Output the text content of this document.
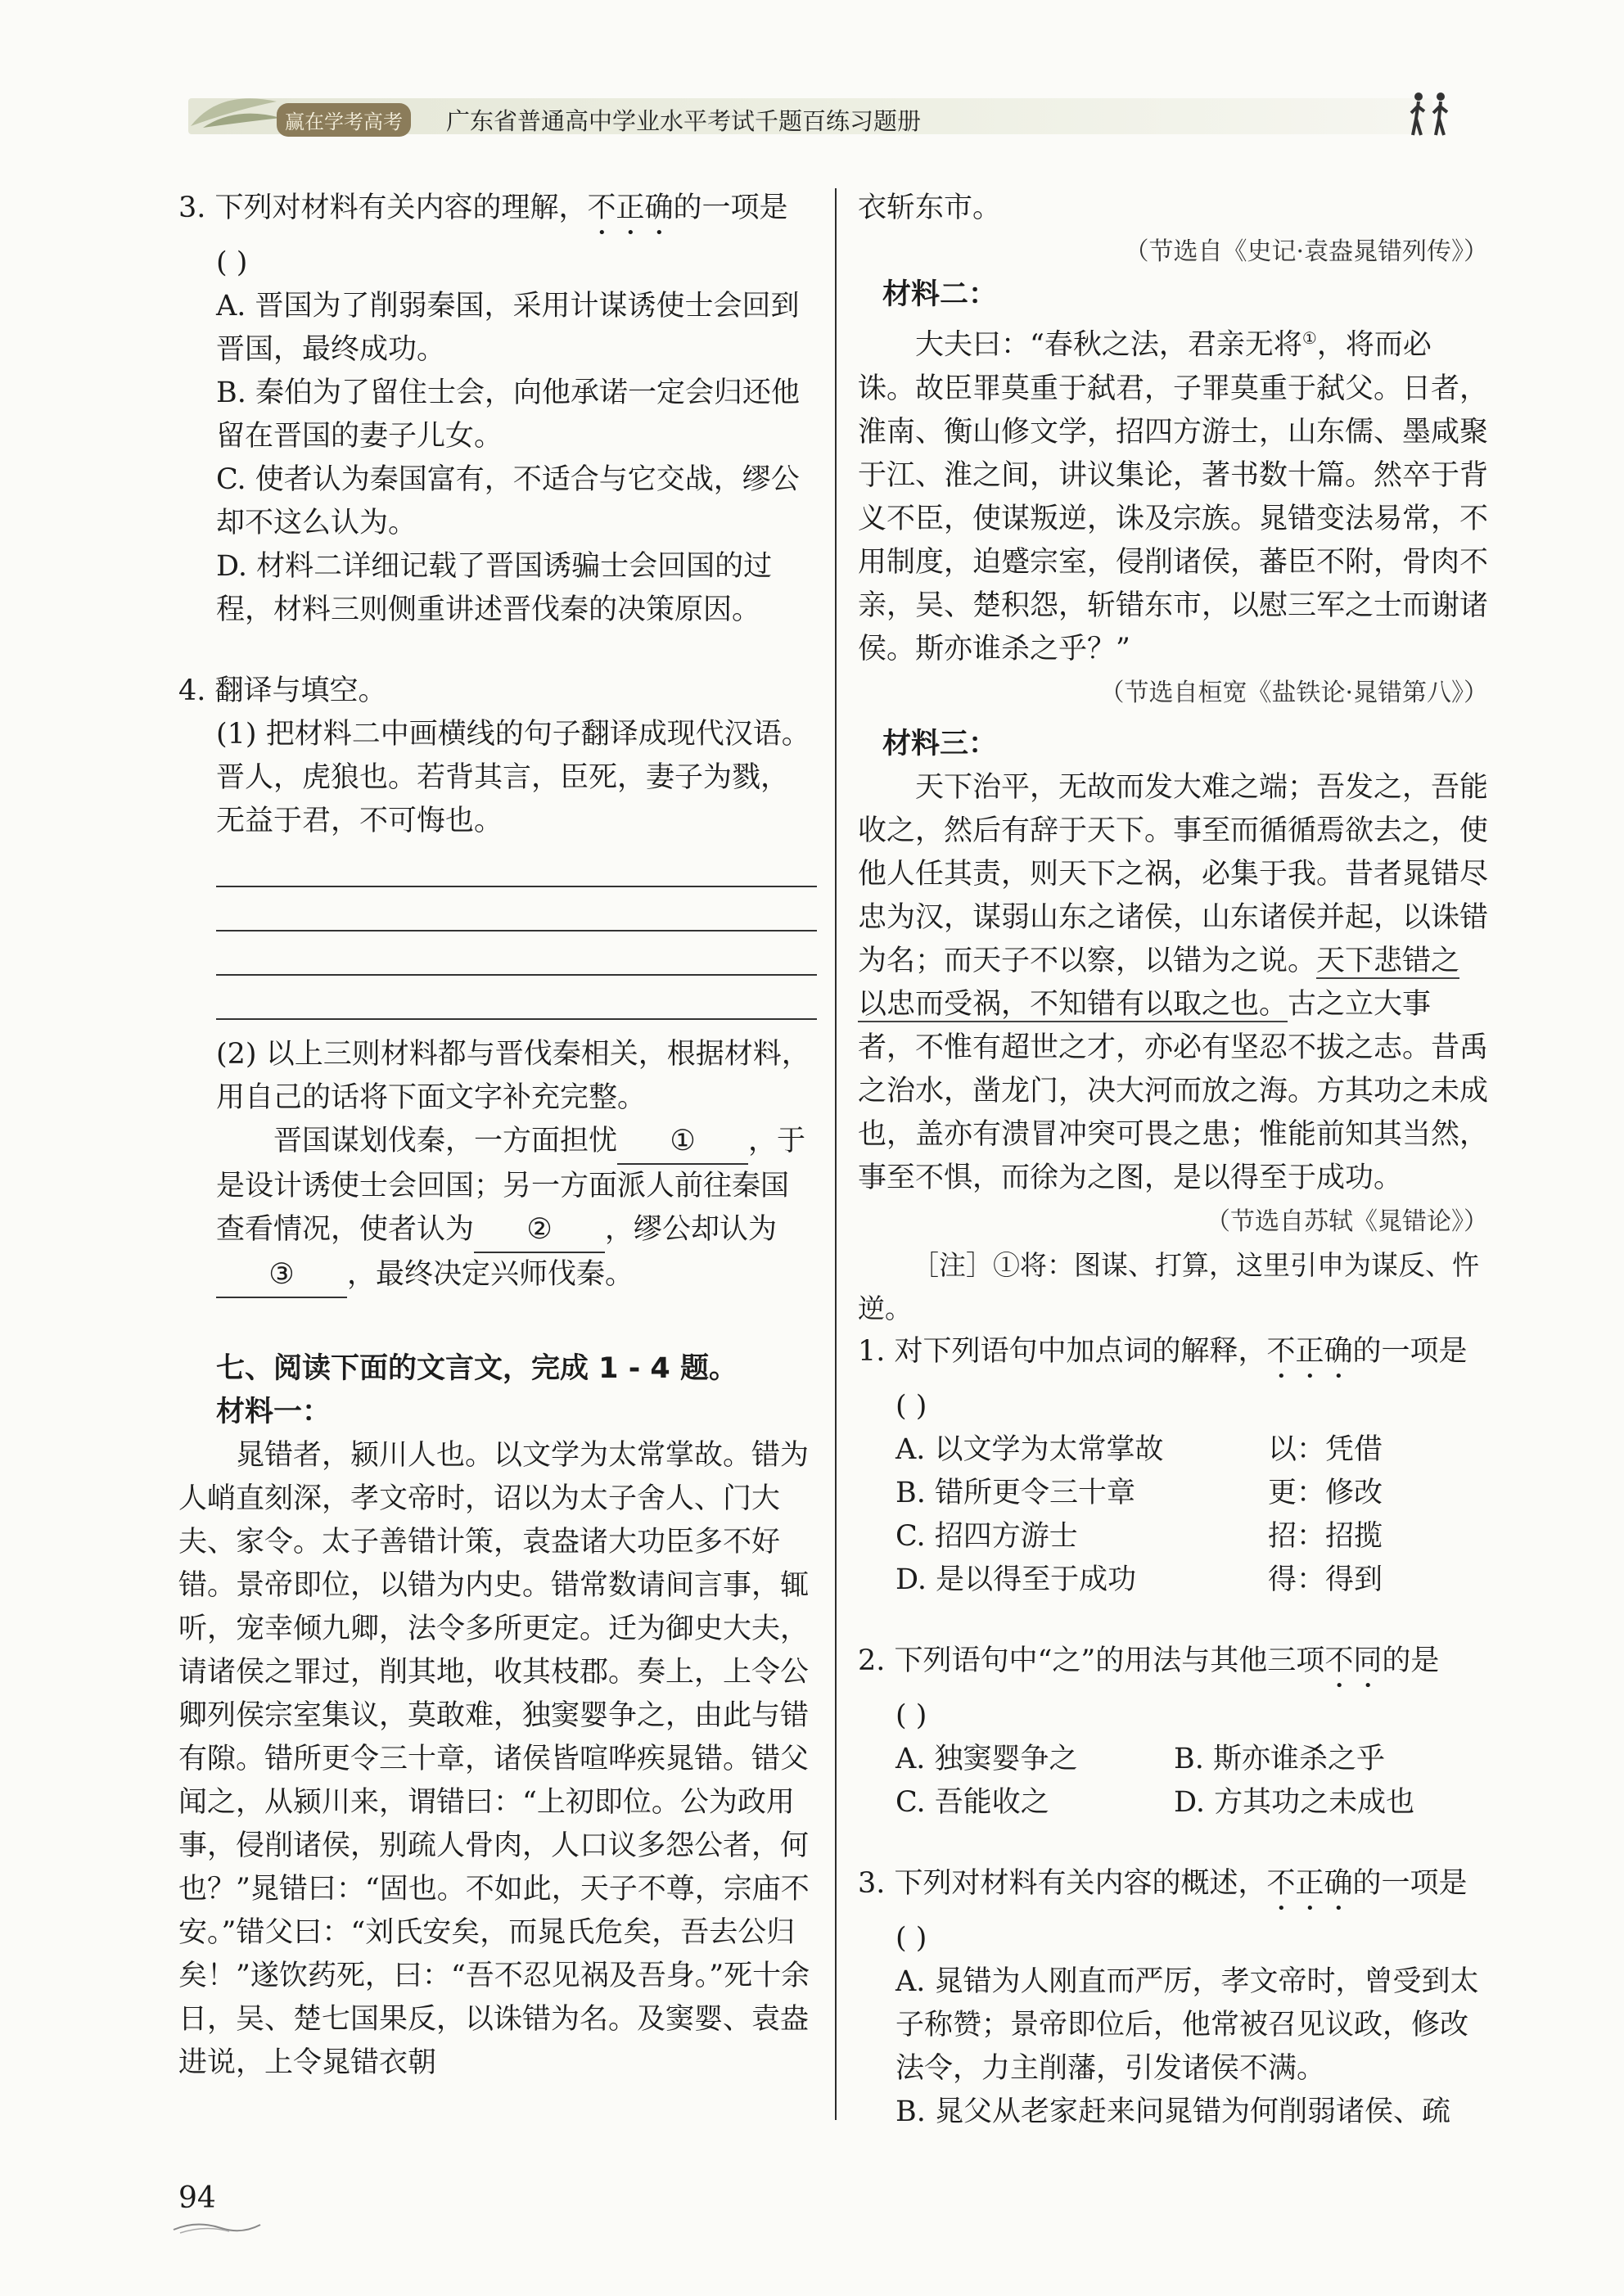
赢在学考高考	广东省普通高中学业水平考试千题百练习题册

3. 下列对材料有关内容的理解，不正确的一项是

( )

A. 晋国为了削弱秦国，采用计谋诱使士会回到晋国，最终成功。

B. 秦伯为了留住士会，向他承诺一定会归还他留在晋国的妻子儿女。

C. 使者认为秦国富有，不适合与它交战，缪公却不这么认为。

D. 材料二详细记载了晋国诱骗士会回国的过程，材料三则侧重讲述晋伐秦的决策原因。

4. 翻译与填空。

(1) 把材料二中画横线的句子翻译成现代汉语。

晋人，虎狼也。若背其言，臣死，妻子为戮，

无益于君，不可悔也。

(2) 以上三则材料都与晋伐秦相关，根据材料，用自己的话将下面文字补充完整。

晋国谋划伐秦，一方面担忧 ① ，于是设计诱使士会回国；另一方面派人前往秦国查看情况，使者认为 ② ，缪公却认为③ ，最终决定兴师伐秦。

七、阅读下面的文言文，完成 1 - 4 题。

材料一：

晁错者，颍川人也。以文学为太常掌故。错为人峭直刻深，孝文帝时，诏以为太子舍人、门大夫、家令。太子善错计策，袁盎诸大功臣多不好错。景帝即位，以错为内史。错常数请间言事，辄听，宠幸倾九卿，法令多所更定。迁为御史大夫，请诸侯之罪过，削其地，收其枝郡。奏上，上令公卿列侯宗室集议，莫敢难，独窦婴争之，由此与错有隙。错所更令三十章，诸侯皆喧哗疾晁错。错父闻之，从颍川来，谓错曰：“上初即位。公为政用事，侵削诸侯，别疏人骨肉，人口议多怨公者，何也？”晁错曰：“固也。不如此，天子不尊，宗庙不安。”错父曰：“刘氏安矣，而晁氏危矣，吾去公归矣！”遂饮药死，曰：“吾不忍见祸及吾身。”死十余日，吴、楚七国果反，以诛错为名。及窦婴、袁盎进说，上令晁错衣朝

衣斩东市。

（节选自《史记·袁盎晁错列传》）

材料二：

大夫曰：“春秋之法，君亲无将①，将而必诛。故臣罪莫重于弑君，子罪莫重于弑父。日者，淮南、衡山修文学，招四方游士，山东儒、墨咸聚于江、淮之间，讲议集论，著书数十篇。然卒于背义不臣，使谋叛逆，诛及宗族。晁错变法易常，不用制度，迫蹙宗室，侵削诸侯，蕃臣不附，骨肉不亲，吴、楚积怨，斩错东市，以慰三军之士而谢诸侯。斯亦谁杀之乎？”

（节选自桓宽《盐铁论·晁错第八》）

材料三：

天下治平，无故而发大难之端；吾发之，吾能收之，然后有辞于天下。事至而循循焉欲去之，使他人任其责，则天下之祸，必集于我。昔者晁错尽忠为汉，谋弱山东之诸侯，山东诸侯并起，以诛错为名；而天子不以察，以错为之说。天下悲错之以忠而受祸，不知错有以取之也。古之立大事者，不惟有超世之才，亦必有坚忍不拔之志。昔禹之治水，凿龙门，决大河而放之海。方其功之未成也，盖亦有溃冒冲突可畏之患；惟能前知其当然，事至不惧，而徐为之图，是以得至于成功。

（节选自苏轼《晁错论》）

［注］①将：图谋、打算，这里引申为谋反、忤逆。

1. 对下列语句中加点词的解释，不正确的一项是

( )

A. 以文学为太常掌故	以：凭借
B. 错所更令三十章	更：修改
C. 招四方游士	招：招揽
D. 是以得至于成功	得：得到

2. 下列语句中“之”的用法与其他三项不同的是

( )

A. 独窦婴争之	B. 斯亦谁杀之乎
C. 吾能收之	D. 方其功之未成也

3. 下列对材料有关内容的概述，不正确的一项是

( )

A. 晁错为人刚直而严厉，孝文帝时，曾受到太子称赞；景帝即位后，他常被召见议政，修改法令，力主削藩，引发诸侯不满。

B. 晁父从老家赶来问晁错为何削弱诸侯、疏

94
